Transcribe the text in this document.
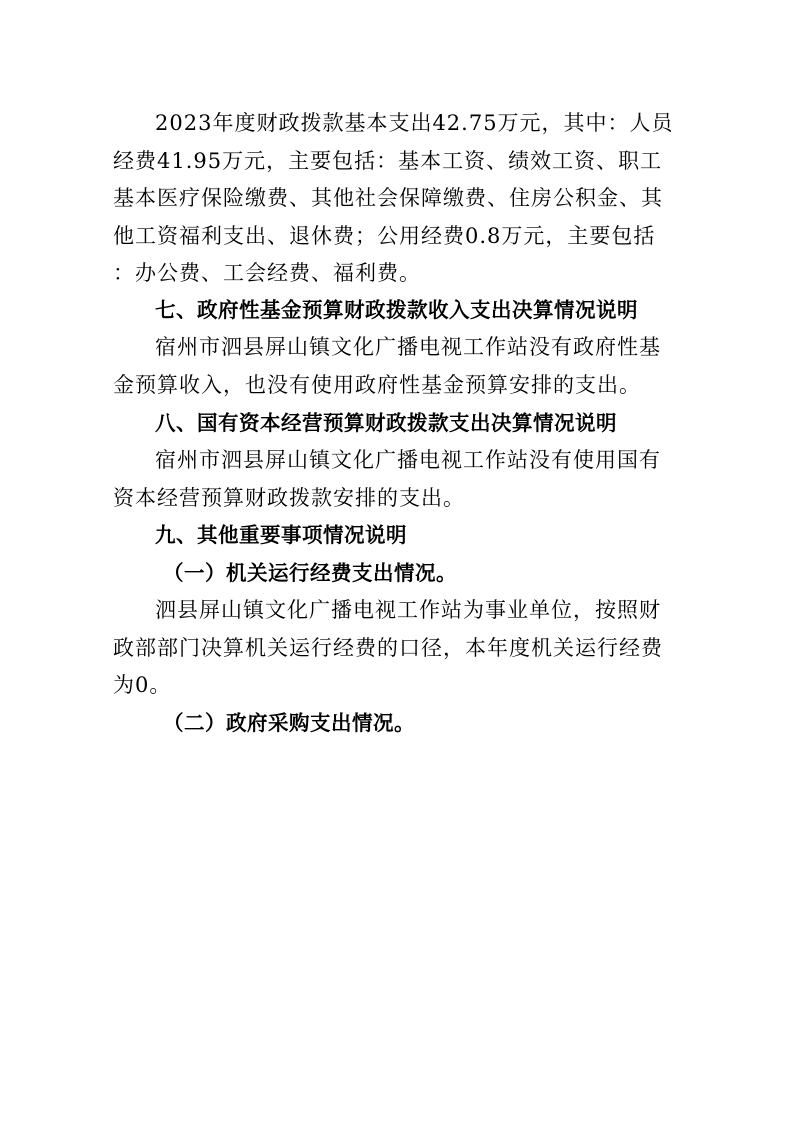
2023年度财政拨款基本支出42.75万元，其中：人员
经费41.95万元，主要包括：基本工资、绩效工资、职工
基本医疗保险缴费、其他社会保障缴费、住房公积金、其
他工资福利支出、退休费；公用经费0.8万元，主要包括
：办公费、工会经费、福利费。
七、政府性基金预算财政拨款收入支出决算情况说明
宿州市泗县屏山镇文化广播电视工作站没有政府性基
金预算收入，也没有使用政府性基金预算安排的支出。
八、国有资本经营预算财政拨款支出决算情况说明
宿州市泗县屏山镇文化广播电视工作站没有使用国有
资本经营预算财政拨款安排的支出。
九、其他重要事项情况说明
（一）机关运行经费支出情况。
泗县屏山镇文化广播电视工作站为事业单位，按照财
政部部门决算机关运行经费的口径，本年度机关运行经费
为0。
（二）政府采购支出情况。
